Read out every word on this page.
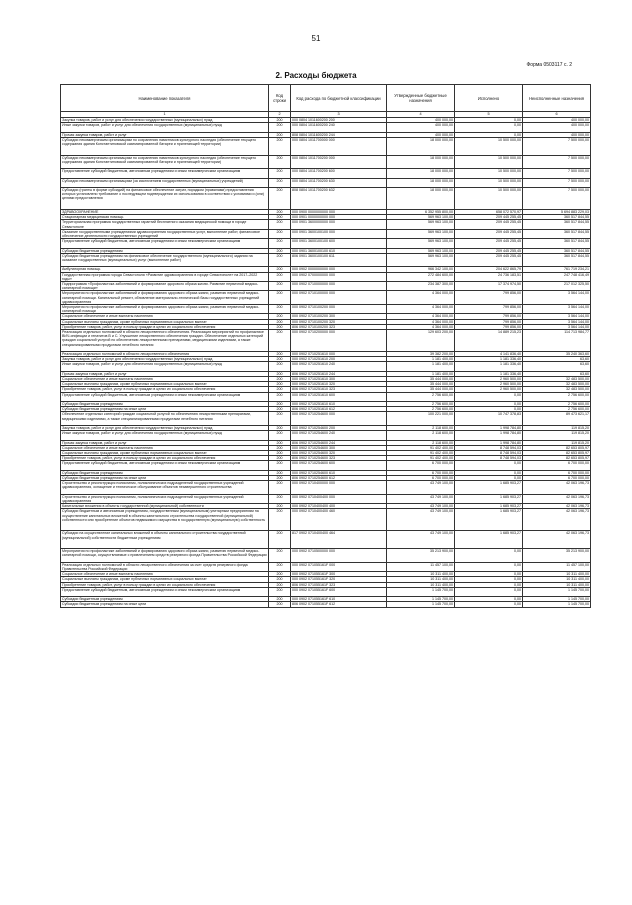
51
Форма 0503117 с. 2
2. Расходы бюджета
Наименование показателя	Код строки	Код расхода по бюджетной классификации	Утвержденные бюджетные назначения	Исполнено	Неисполненные назначения
1	2	3	4	5	6
Закупка товаров, работ и услуг для обеспечения государственных (муниципальных) нужд	200	000 0804 1011600200 200	400 000,00	0,00	400 000,00
Иные закупки товаров, работ и услуг для обеспечения государственных (муниципальных) нужд	200	000 0804 1011600200 240	400 000,00	0,00	400 000,00
Прочая закупка товаров, работ и услуг	200	808 0804 1011600200 244	400 000,00	0,00	400 000,00
Субсидии некоммерческим организациям по сохранению памятников культурного наследия (обеспечение текущего содержания здания Константиновской казематированной батареи и прилегающей территории)	200	000 0804 1011700000 000	18 000 000,00	10 500 000,00	7 500 000,00
Субсидии некоммерческим организациям по сохранению памятников культурного наследия (обеспечение текущего содержания здания Константиновской казематированной батареи и прилегающей территории)	200	000 0804 1011700200 000	18 000 000,00	10 500 000,00	7 500 000,00
Предоставление субсидий бюджетным, автономным учреждениям и иным некоммерческим организациям	200	000 0804 1011700200 600	18 000 000,00	10 500 000,00	7 500 000,00
Субсидии некоммерческим организациям (за исключением государственных (муниципальных) учреждений)	200	000 0804 1011700200 630	18 000 000,00	10 500 000,00	7 500 000,00
Субсидии (гранты в форме субсидий) на финансовое обеспечение затрат, порядком (правилами) предоставления которых установлено требование о последующем подтверждении их использования в соответствии с условиями и (или) целями предоставления	200	808 0804 1011700200 632	18 000 000,00	10 500 000,00	7 500 000,00
ЗДРАВООХРАНЕНИЕ	200	000 0900 0000000000 000	6 352 955 800,00	658 072 570,97	5 694 883 229,03
Стационарная медицинская помощь	200	000 0901 0000000000 000	569 963 100,00	209 445 255,45	360 517 844,55
Территориальная программа государственных гарантий бесплатного оказания медицинской помощи в городе Севастополе	200	000 0901 3600000000 000	569 963 100,00	209 445 255,45	360 517 844,55
Оказание государственными учреждениями здравоохранения государственных услуг, выполнение работ, финансовое обеспечение деятельности государственных учреждений	200	000 0901 3600100100 000	569 963 100,00	209 445 255,45	360 517 844,55
Предоставление субсидий бюджетным, автономным учреждениям и иным некоммерческим организациям	200	000 0901 3600100100 600	569 963 100,00	209 445 255,45	360 517 844,55
Субсидии бюджетным учреждениям	200	000 0901 3600100100 610	569 963 100,00	209 445 255,45	360 517 844,55
Субсидии бюджетным учреждениям на финансовое обеспечение государственного (муниципального) задания на оказание государственных (муниципальных) услуг (выполнение работ)	200	806 0901 3600100100 611	569 963 100,00	209 445 255,45	360 517 844,55
Амбулаторная помощь	200	000 0902 0000000000 000	966 342 100,00	204 622 865,79	761 719 234,21
Государственная программа города Севастополя «Развитие здравоохранения в городе Севастополе» на 2017–2022 годы»	200	000 0902 0700000000 000	272 484 600,00	24 736 183,51	247 748 416,49
Подпрограмма «Профилактика заболеваний и формирование здорового образа жизни. Развитие первичной медико-санитарной помощи»	200	000 0902 0710000000 000	234 387 300,00	17 374 974,50	217 012 325,50
Мероприятия по профилактике заболеваний и формированию здорового образа жизни, развитию первичной медико-санитарной помощи. Капитальный ремонт, обновление материально-технической базы государственных учреждений здравоохранения	200	000 0902 0710100000 000	4 364 000,00	799 856,00	3 564 144,00
Мероприятия по профилактике заболеваний и формированию здорового образа жизни, развитию первичной медико-санитарной помощи	200	000 0902 0710100200 000	4 364 000,00	799 856,00	3 564 144,00
Социальное обеспечение и иные выплаты населению	200	000 0902 0710100200 300	4 364 000,00	799 856,00	3 564 144,00
Социальные выплаты гражданам, кроме публичных нормативных социальных выплат	200	000 0902 0710100200 320	4 364 000,00	799 856,00	3 564 144,00
Приобретение товаров, работ, услуг в пользу граждан в целях их социального обеспечения	200	806 0902 0710100200 323	4 364 000,00	799 856,00	3 564 144,00
Реализация отдельных полномочий в области лекарственного обеспечения. Реализация мероприятий по профилактике ВИЧ-инфекции и гепатитов В и С. Улучшение лекарственного обеспечения граждан. Обеспечение отдельных категорий граждан социальной услугой по обеспечению лекарственными препаратами, медицинскими изделиями, а также специализированными продуктами лечебного питания	200	000 0902 0710200000 000	129 603 200,00	14 889 215,23	114 713 984,77
Реализация отдельных полномочий в области лекарственного обеспечения	200	000 0902 0710251610 000	39 382 200,00	4 141 836,40	35 240 363,60
Закупка товаров, работ и услуг для обеспечения государственных (муниципальных) нужд	200	000 0902 0710251610 200	1 181 400,00	1 181 336,40	63,60
Иные закупки товаров, работ и услуг для обеспечения государственных (муниципальных) нужд	200	000 0902 0710251610 240	1 181 400,00	1 181 336,40	63,60
Прочая закупка товаров, работ и услуг	200	806 0902 0710251610 244	1 181 400,00	1 181 336,40	63,60
Социальное обеспечение и иные выплаты населению	200	000 0902 0710251610 300	35 444 000,00	2 960 500,00	32 483 500,00
Социальные выплаты гражданам, кроме публичных нормативных социальных выплат	200	000 0902 0710251610 320	35 444 000,00	2 960 500,00	32 483 500,00
Приобретение товаров, работ, услуг в пользу граждан в целях их социального обеспечения	200	806 0902 0710251610 323	35 444 000,00	2 960 500,00	32 483 500,00
Предоставление субсидий бюджетным, автономным учреждениям и иным некоммерческим организациям	200	000 0902 0710251610 600	2 756 600,00	0,00	2 756 600,00
Субсидии бюджетным учреждениям	200	000 0902 0710251610 610	2 756 600,00	0,00	2 756 600,00
Субсидии бюджетным учреждениям на иные цели	200	806 0902 0710251610 612	2 756 600,00	0,00	2 756 600,00
Обеспечение отдельных категорий граждан социальной услугой по обеспечению лекарственными препаратами, медицинскими изделиями, а также специализированными продуктами лечебного питания	200	000 0902 0710254600 000	100 221 000,00	10 747 378,83	89 473 621,17
Закупка товаров, работ и услуг для обеспечения государственных (муниципальных) нужд	200	000 0902 0710254600 200	2 118 600,00	1 998 784,80	119 815,20
Иные закупки товаров, работ и услуг для обеспечения государственных (муниципальных) нужд	200	000 0902 0710254600 240	2 118 600,00	1 998 784,80	119 815,20
Прочая закупка товаров, работ и услуг	200	806 0902 0710254600 244	2 118 600,00	1 998 784,80	119 815,20
Социальное обеспечение и иные выплаты населению	200	000 0902 0710254600 300	91 402 400,00	8 748 594,03	82 653 805,97
Социальные выплаты гражданам, кроме публичных нормативных социальных выплат	200	000 0902 0710254600 320	91 402 400,00	8 748 594,03	82 653 805,97
Приобретение товаров, работ, услуг в пользу граждан в целях их социального обеспечения	200	806 0902 0710254600 323	91 402 400,00	8 748 594,03	82 653 805,97
Предоставление субсидий бюджетным, автономным учреждениям и иным некоммерческим организациям	200	000 0902 0710254600 600	6 700 000,00	0,00	6 700 000,00
Субсидии бюджетным учреждениям	200	000 0902 0710254600 610	6 700 000,00	0,00	6 700 000,00
Субсидии бюджетным учреждениям на иные цели	200	806 0902 0710254600 612	6 700 000,00	0,00	6 700 000,00
Строительство и реконструкция поликлиник, поликлинических подразделений государственных учреждений здравоохранения, оснащение и техническое обслуживание объектов незавершенного строительства	200	000 0902 0710400000 000	43 749 100,00	1 685 903,27	42 063 196,73
Строительство и реконструкция поликлиник, поликлинических подразделений государственных учреждений здравоохранения	200	000 0902 0710400400 000	43 749 100,00	1 685 903,27	42 063 196,73
Капитальные вложения в объекты государственной (муниципальной) собственности	200	000 0902 0710400400 400	43 749 100,00	1 685 903,27	42 063 196,73
Субсидии бюджетным и автономным учреждениям, государственным (муниципальным) унитарным предприятиям на осуществление капитальных вложений в объекты капитального строительства государственной (муниципальной) собственности или приобретение объектов недвижимого имущества в государственную (муниципальную) собственность	200	000 0902 0710400400 460	43 749 100,00	1 685 903,27	42 063 196,73
Субсидии на осуществление капитальных вложений в объекты капитального строительства государственной (муниципальной) собственности бюджетным учреждениям	200	817 0902 0710400400 464	43 749 100,00	1 685 903,27	42 063 196,73
Мероприятия по профилактике заболеваний и формированию здорового образа жизни, развитию первичной медико-санитарной помощи, осуществляемые с привлечением средств резервного фонда Правительства Российской Федерации	200	000 0902 0710500000 000	35 213 900,00	0,00	35 213 900,00
Реализация отдельных полномочий в области лекарственного обеспечения за счет средств резервного фонда Правительства Российской Федерации	200	000 0902 071055161F 000	11 457 100,00	0,00	11 457 100,00
Социальное обеспечение и иные выплаты населению	200	000 0902 071055161F 300	10 311 400,00	0,00	10 311 400,00
Социальные выплаты гражданам, кроме публичных нормативных социальных выплат	200	000 0902 071055161F 320	10 311 400,00	0,00	10 311 400,00
Приобретение товаров, работ, услуг в пользу граждан в целях их социального обеспечения	200	806 0902 071055161F 323	10 311 400,00	0,00	10 311 400,00
Предоставление субсидий бюджетным, автономным учреждениям и иным некоммерческим организациям	200	000 0902 071055161F 600	1 145 700,00	0,00	1 145 700,00
Субсидии бюджетным учреждениям	200	000 0902 071055161F 610	1 145 700,00	0,00	1 145 700,00
Субсидии бюджетным учреждениям на иные цели	200	806 0902 071055161F 612	1 145 700,00	0,00	1 145 700,00
